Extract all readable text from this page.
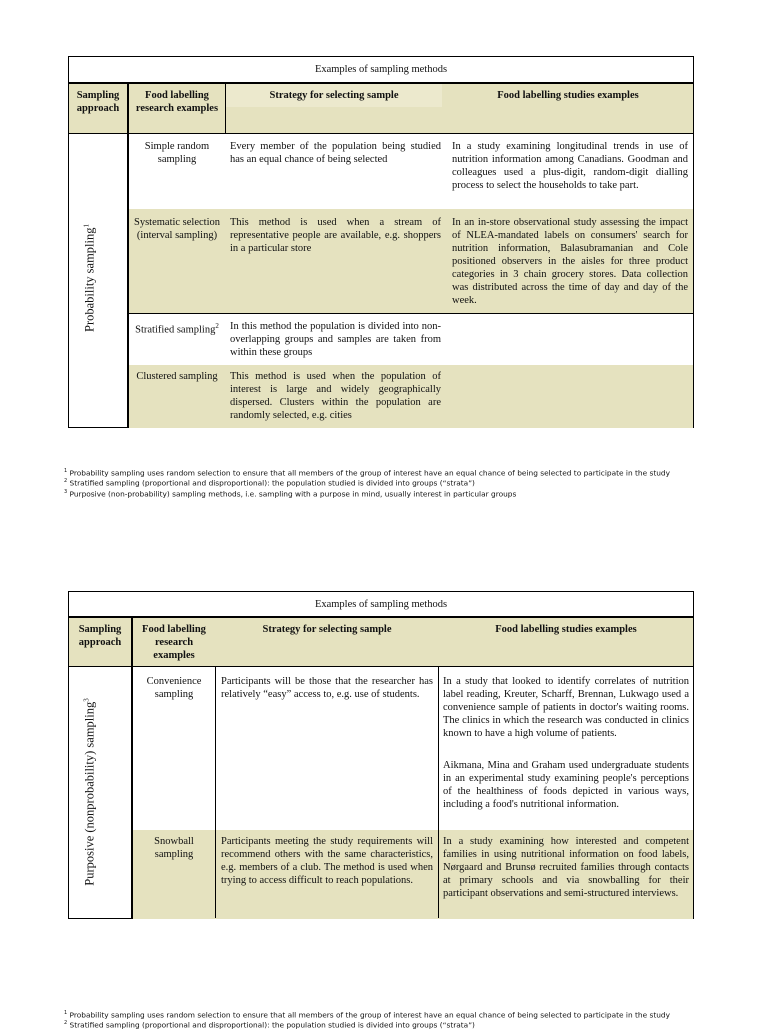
Examples of sampling methods
Sampling approach
Food labelling research examples
Strategy for selecting sample	Food labelling studies examples
Probability sampling$^1$
Simple random sampling
Every member of the population being studied has an equal chance of being selected
In a study examining longitudinal trends in use of nutrition information among Canadians. Goodman and colleagues used a plus-digit, random-digit dialling process to select the households to take part.
Systematic selection (interval sampling)
This method is used when a stream of representative people are available, e.g. shoppers in a particular store
In an in-store observational study assessing the impact of NLEA-mandated labels on consumers' search for nutrition information, Balasubramanian and Cole positioned observers in the aisles for three product categories in 3 chain grocery stores. Data collection was distributed across the time of day and day of the week.
Stratified sampling$^2$ In this method the population is divided into non-overlapping groups and samples are taken from within these groups
Clustered sampling This method is used when the population of interest is large and widely geographically dispersed. Clusters within the population are randomly selected, e.g. cities
$^1$ Probability sampling uses random selection to ensure that all members of the group of interest have an equal chance of being selected to participate in the study
$^2$ Stratified sampling (proportional and disproportional): the population studied is divided into groups (“strata”)
$^3$ Purposive (non-probability) sampling methods, i.e. sampling with a purpose in mind, usually interest in particular groups
Examples of sampling methods
Sampling approach
Food labelling research examples
Strategy for selecting sample	Food labelling studies examples
Purposive (nonprobability) sampling$^3$
Convenience sampling
Participants will be those that the researcher has relatively “easy” access to, e.g. use of students.
In a study that looked to identify correlates of nutrition label reading, Kreuter, Scharff, Brennan, Lukwago used a convenience sample of patients in doctor's waiting rooms. The clinics in which the research was conducted in clinics known to have a high volume of patients.
Aikmana, Mina and Graham used undergraduate students in an experimental study examining people's perceptions of the healthiness of foods depicted in various ways, including a food's nutritional information.
Snowball sampling
Participants meeting the study requirements will recommend others with the same characteristics, e.g. members of a club. The method is used when trying to access difficult to reach populations.
In a study examining how interested and competent families in using nutritional information on food labels, Nørgaard and Brunsø recruited families through contacts at primary schools and via snowballing for their participant observations and semi-structured interviews.
$^1$ Probability sampling uses random selection to ensure that all members of the group of interest have an equal chance of being selected to participate in the study
$^2$ Stratified sampling (proportional and disproportional): the population studied is divided into groups (“strata”)
